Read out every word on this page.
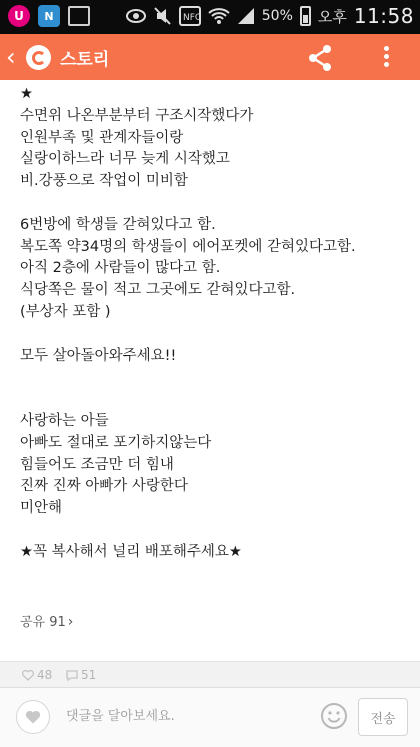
U	N	NFC	50% 오후 11:58
‹	스토리
★
수면위 나온부분부터 구조시작했다가
인원부족 및 관계자들이랑
실랑이하느라 너무 늦게 시작했고
비.강풍으로 작업이 미비함
6번방에 학생들 갇혀있다고 함.
복도쪽 약34명의 학생들이 에어포켓에 갇혀있다고함.
아직 2층에 사람들이 많다고 함.
식당쪽은 물이 적고 그곳에도 갇혀있다고함.
(부상자 포함 )
모두 살아돌아와주세요!!
사랑하는 아들
아빠도 절대로 포기하지않는다
힘들어도 조금만 더 힘내
진짜 진짜 아빠가 사랑한다
미안해
★꼭 복사해서 널리 배포해주세요★
공유 91 ›
48 51
댓글을 달아보세요.
전송
